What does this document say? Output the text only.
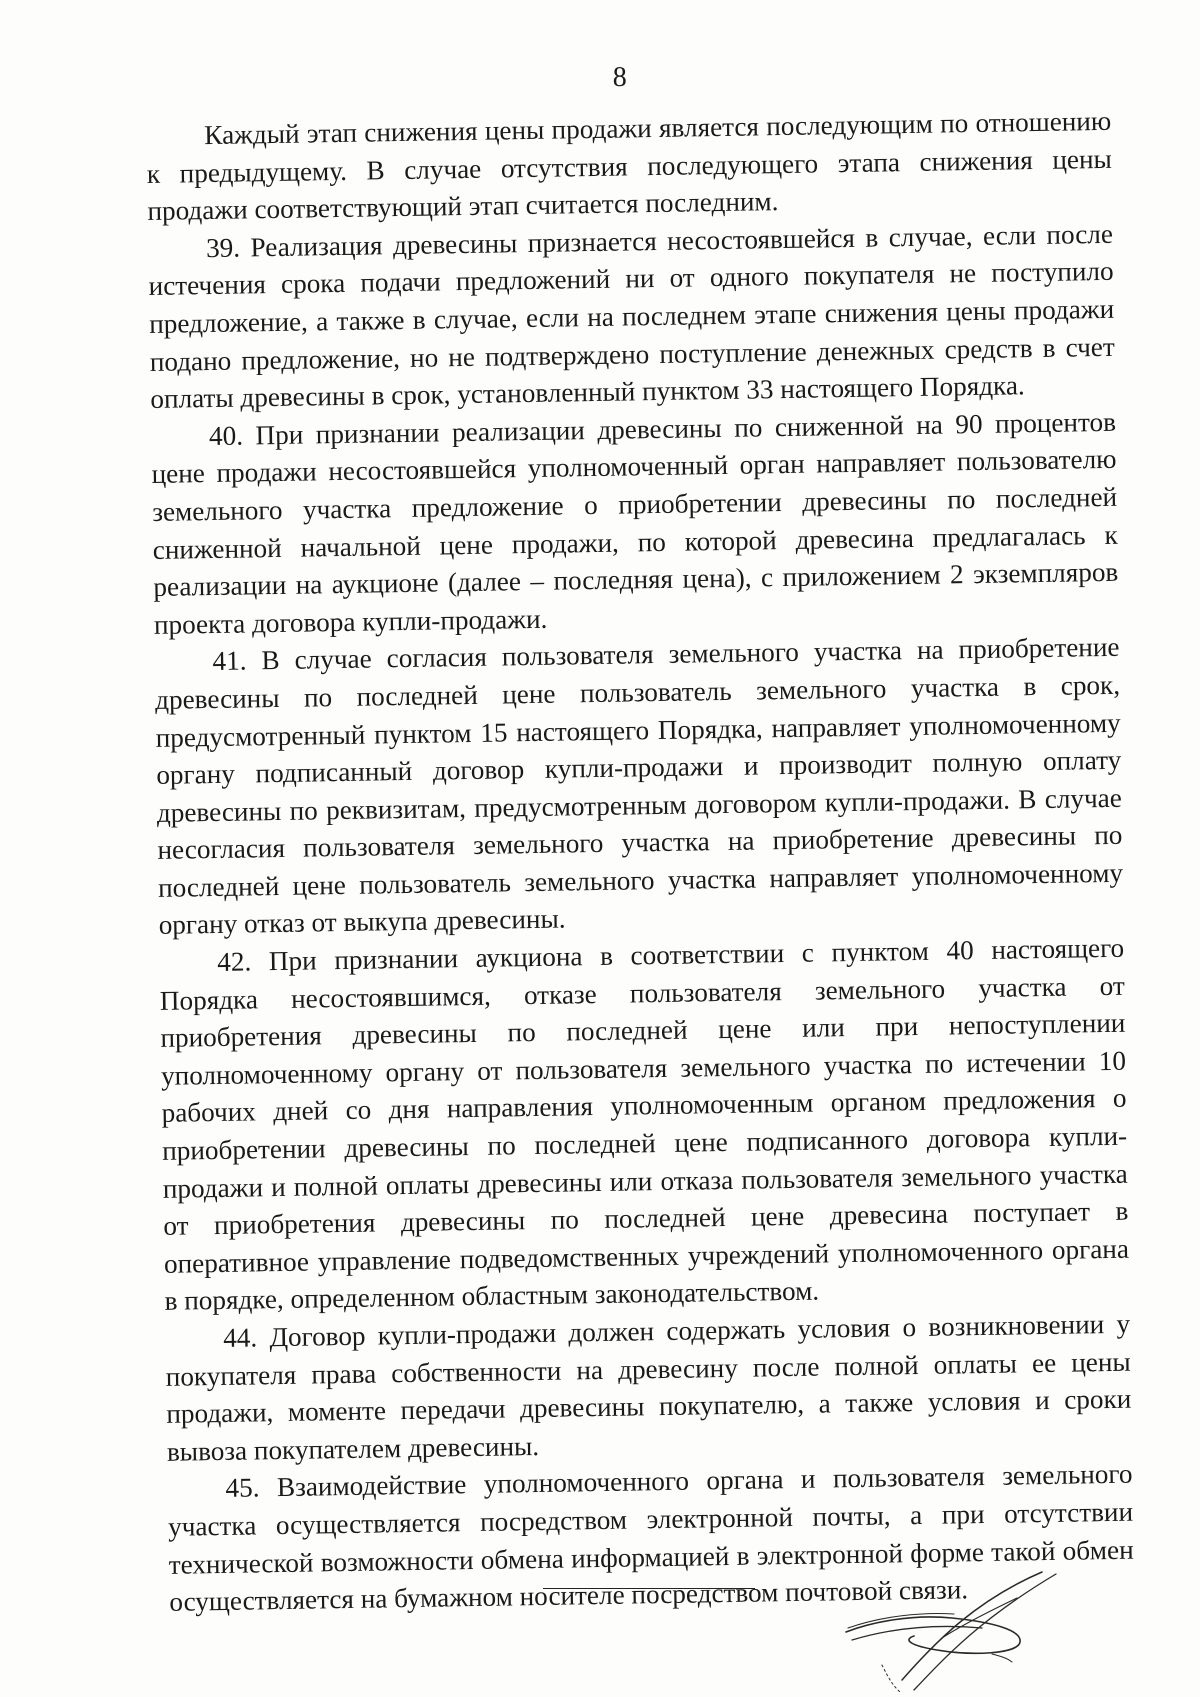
8

Каждый этап снижения цены продажи является последующим по отношению к предыдущему. В случае отсутствия последующего этапа снижения цены продажи соответствующий этап считается последним.

39. Реализация древесины признается несостоявшейся в случае, если после истечения срока подачи предложений ни от одного покупателя не поступило предложение, а также в случае, если на последнем этапе снижения цены продажи подано предложение, но не подтверждено поступление денежных средств в счет оплаты древесины в срок, установленный пунктом 33 настоящего Порядка.

40. При признании реализации древесины по сниженной на 90 процентов цене продажи несостоявшейся уполномоченный орган направляет пользователю земельного участка предложение о приобретении древесины по последней сниженной начальной цене продажи, по которой древесина предлагалась к реализации на аукционе (далее – последняя цена), с приложением 2 экземпляров проекта договора купли-продажи.

41. В случае согласия пользователя земельного участка на приобретение древесины по последней цене пользователь земельного участка в срок, предусмотренный пунктом 15 настоящего Порядка, направляет уполномоченному органу подписанный договор купли-продажи и производит полную оплату древесины по реквизитам, предусмотренным договором купли-продажи. В случае несогласия пользователя земельного участка на приобретение древесины по последней цене пользователь земельного участка направляет уполномоченному органу отказ от выкупа древесины.

42. При признании аукциона в соответствии с пунктом 40 настоящего Порядка несостоявшимся, отказе пользователя земельного участка от приобретения древесины по последней цене или при непоступлении уполномоченному органу от пользователя земельного участка по истечении 10 рабочих дней со дня направления уполномоченным органом предложения о приобретении древесины по последней цене подписанного договора купли-продажи и полной оплаты древесины или отказа пользователя земельного участка от приобретения древесины по последней цене древесина поступает в оперативное управление подведомственных учреждений уполномоченного органа в порядке, определенном областным законодательством.

44. Договор купли-продажи должен содержать условия о возникновении у покупателя права собственности на древесину после полной оплаты ее цены продажи, моменте передачи древесины покупателю, а также условия и сроки вывоза покупателем древесины.

45. Взаимодействие уполномоченного органа и пользователя земельного участка осуществляется посредством электронной почты, а при отсутствии технической возможности обмена информацией в электронной форме такой обмен осуществляется на бумажном носителе посредством почтовой связи.
